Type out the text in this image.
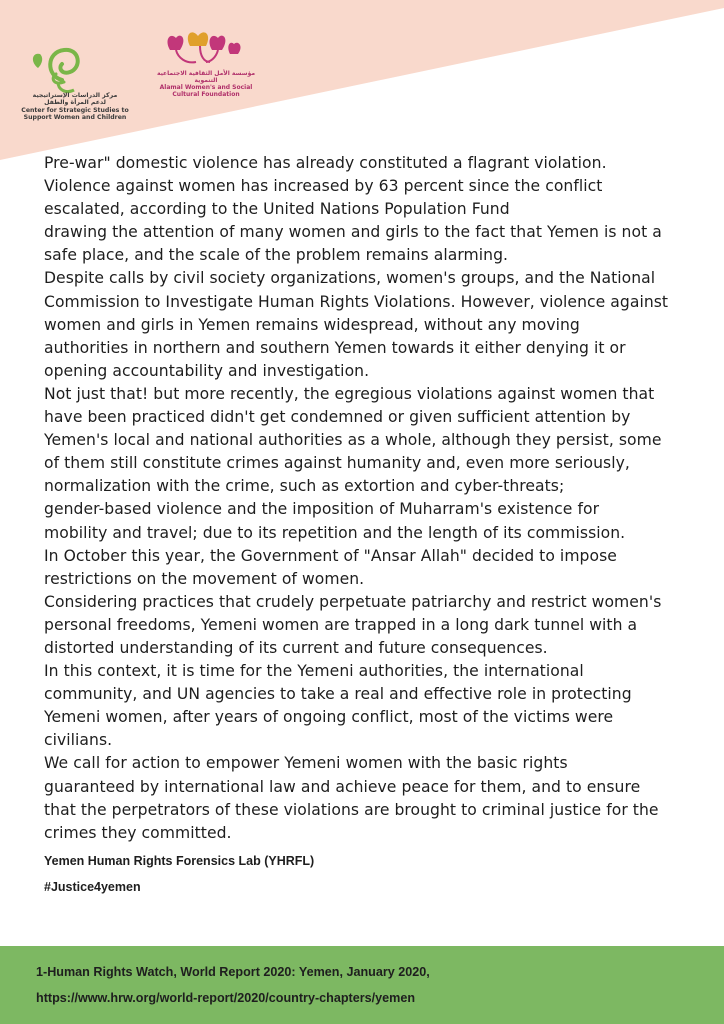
مركز الدراسات الإستراتيجية
لدعم المرأة والطفل
Center for Strategic Studies to
Support Women and Children
مؤسسة الأمل الثقافية الاجتماعية التنموية
Alamal Women's and Social Cultural Foundation

Pre-war" domestic violence has already constituted a flagrant violation.
Violence against women has increased by 63 percent since the conflict
escalated, according to the United Nations Population Fund
drawing the attention of many women and girls to the fact that Yemen is not a
safe place, and the scale of the problem remains alarming.
Despite calls by civil society organizations, women's groups, and the National
Commission to Investigate Human Rights Violations. However, violence against
women and girls in Yemen remains widespread, without any moving
authorities in northern and southern Yemen towards it either denying it or
opening accountability and investigation.
Not just that! but more recently, the egregious violations against women that
have been practiced didn't get condemned or given sufficient attention by
Yemen's local and national authorities as a whole, although they persist, some
of them still constitute crimes against humanity and, even more seriously,
normalization with the crime, such as extortion and cyber-threats;
gender-based violence and the imposition of Muharram's existence for
mobility and travel; due to its repetition and the length of its commission.
In October this year, the Government of "Ansar Allah" decided to impose
restrictions on the movement of women.
Considering practices that crudely perpetuate patriarchy and restrict women's
personal freedoms, Yemeni women are trapped in a long dark tunnel with a
distorted understanding of its current and future consequences.
In this context, it is time for the Yemeni authorities, the international
community, and UN agencies to take a real and effective role in protecting
Yemeni women, after years of ongoing conflict, most of the victims were
civilians.
We call for action to empower Yemeni women with the basic rights
guaranteed by international law and achieve peace for them, and to ensure
that the perpetrators of these violations are brought to criminal justice for the
crimes they committed.

Yemen Human Rights Forensics Lab (YHRFL)

#Justice4yemen

1-Human Rights Watch, World Report 2020: Yemen, January 2020,
https://www.hrw.org/world-report/2020/country-chapters/yemen
